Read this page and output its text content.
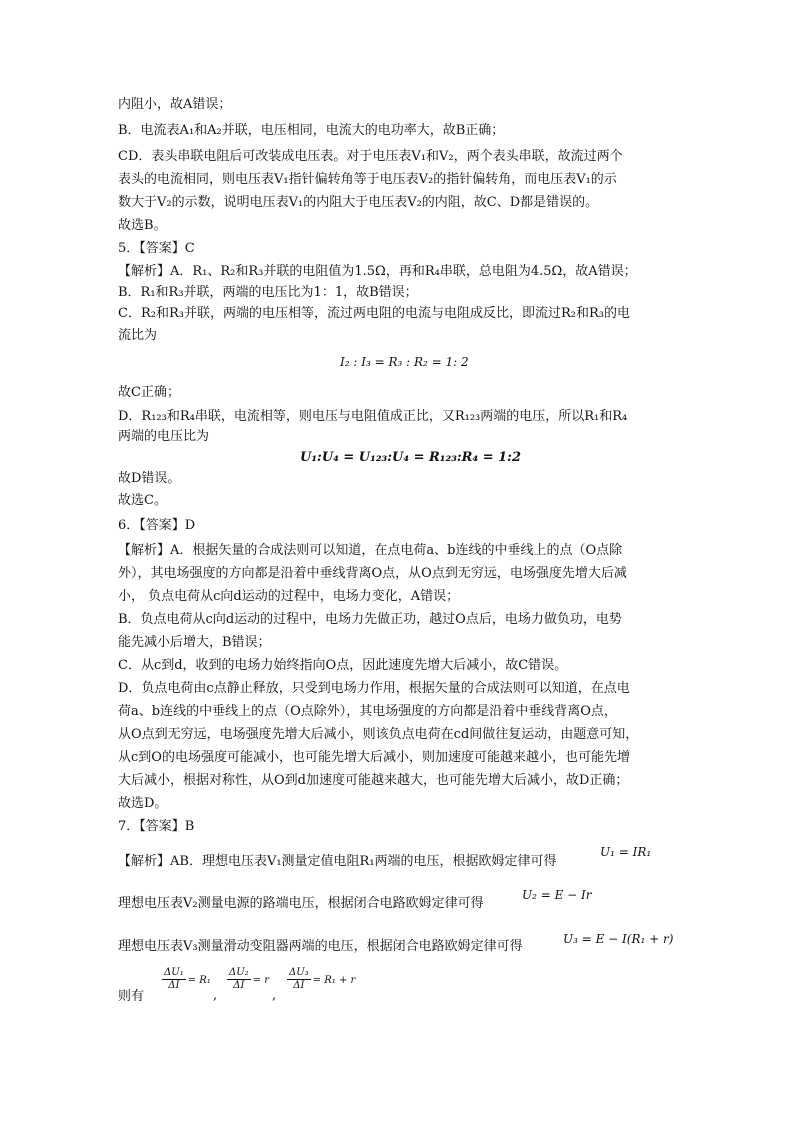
内阻小，故A错误；
B．电流表A₁和A₂并联，电压相同，电流大的电功率大，故B正确；
CD．表头串联电阻后可改装成电压表。对于电压表V₁和V₂，两个表头串联，故流过两个
表头的电流相同，则电压表V₁指针偏转角等于电压表V₂的指针偏转角，而电压表V₁的示
数大于V₂的示数，说明电压表V₁的内阻大于电压表V₂的内阻，故C、D都是错误的。
故选B。
5．【答案】C
【解析】A．R₁、R₂和R₃并联的电阻值为1.5Ω，再和R₄串联，总电阻为4.5Ω，故A错误；
B．R₁和R₃并联，两端的电压比为1：1，故B错误；
C．R₂和R₃并联，两端的电压相等，流过两电阻的电流与电阻成反比，即流过R₂和R₃的电
流比为
I₂ : I₃ = R₃ : R₂ = 1: 2
故C正确；
D．R₁₂₃和R₄串联，电流相等，则电压与电阻值成正比，又R₁₂₃两端的电压，所以R₁和R₄
两端的电压比为
U₁:U₄ = U₁₂₃:U₄ = R₁₂₃:R₄ = 1:2
故D错误。
故选C。
6．【答案】D
【解析】A．根据矢量的合成法则可以知道，在点电荷a、b连线的中垂线上的点（O点除
外），其电场强度的方向都是沿着中垂线背离O点，从O点到无穷远，电场强度先增大后减
小， 负点电荷从c向d运动的过程中，电场力变化，A错误；
B．负点电荷从c向d运动的过程中，电场力先做正功，越过O点后，电场力做负功，电势
能先减小后增大，B错误；
C．从c到d，收到的电场力始终指向O点，因此速度先增大后减小，故C错误。
D．负点电荷由c点静止释放，只受到电场力作用，根据矢量的合成法则可以知道，在点电
荷a、b连线的中垂线上的点（O点除外），其电场强度的方向都是沿着中垂线背离O点，
从O点到无穷远，电场强度先增大后减小，则该负点电荷在cd间做往复运动，由题意可知，
从c到O的电场强度可能减小，也可能先增大后减小，则加速度可能越来越小，也可能先增
大后减小，根据对称性，从O到d加速度可能越来越大，也可能先增大后减小，故D正确；
故选D。
7．【答案】B
【解析】AB．理想电压表V₁测量定值电阻R₁两端的电压，根据欧姆定律可得
U₁ = IR₁
理想电压表V₂测量电源的路端电压，根据闭合电路欧姆定律可得
U₂ = E − Ir
理想电压表V₃测量滑动变阻器两端的电压，根据闭合电路欧姆定律可得	U₃ = E − I(R₁ + r)
则有
$\frac{\text{ΔU₁}}{\Delta I} = R_1$
,
$\frac{\text{ΔU₂}}{\Delta I} = r$
,
$\frac{\text{ΔU₃}}{\Delta I} = R_1 + r$
